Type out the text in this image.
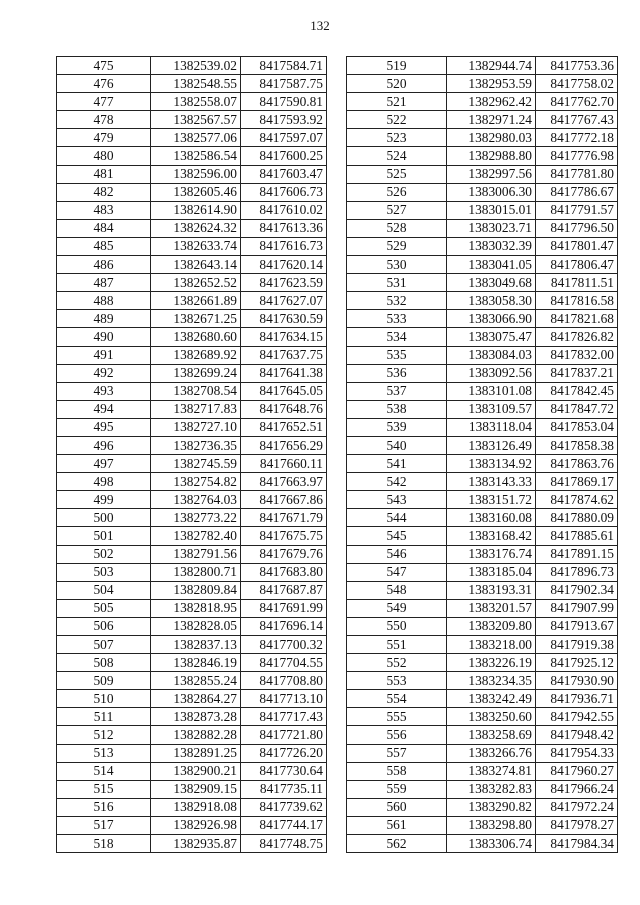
132
475	1382539.02	8417584.71
476	1382548.55	8417587.75
477	1382558.07	8417590.81
478	1382567.57	8417593.92
479	1382577.06	8417597.07
480	1382586.54	8417600.25
481	1382596.00	8417603.47
482	1382605.46	8417606.73
483	1382614.90	8417610.02
484	1382624.32	8417613.36
485	1382633.74	8417616.73
486	1382643.14	8417620.14
487	1382652.52	8417623.59
488	1382661.89	8417627.07
489	1382671.25	8417630.59
490	1382680.60	8417634.15
491	1382689.92	8417637.75
492	1382699.24	8417641.38
493	1382708.54	8417645.05
494	1382717.83	8417648.76
495	1382727.10	8417652.51
496	1382736.35	8417656.29
497	1382745.59	8417660.11
498	1382754.82	8417663.97
499	1382764.03	8417667.86
500	1382773.22	8417671.79
501	1382782.40	8417675.75
502	1382791.56	8417679.76
503	1382800.71	8417683.80
504	1382809.84	8417687.87
505	1382818.95	8417691.99
506	1382828.05	8417696.14
507	1382837.13	8417700.32
508	1382846.19	8417704.55
509	1382855.24	8417708.80
510	1382864.27	8417713.10
511	1382873.28	8417717.43
512	1382882.28	8417721.80
513	1382891.25	8417726.20
514	1382900.21	8417730.64
515	1382909.15	8417735.11
516	1382918.08	8417739.62
517	1382926.98	8417744.17
518	1382935.87	8417748.75
519	1382944.74	8417753.36
520	1382953.59	8417758.02
521	1382962.42	8417762.70
522	1382971.24	8417767.43
523	1382980.03	8417772.18
524	1382988.80	8417776.98
525	1382997.56	8417781.80
526	1383006.30	8417786.67
527	1383015.01	8417791.57
528	1383023.71	8417796.50
529	1383032.39	8417801.47
530	1383041.05	8417806.47
531	1383049.68	8417811.51
532	1383058.30	8417816.58
533	1383066.90	8417821.68
534	1383075.47	8417826.82
535	1383084.03	8417832.00
536	1383092.56	8417837.21
537	1383101.08	8417842.45
538	1383109.57	8417847.72
539	1383118.04	8417853.04
540	1383126.49	8417858.38
541	1383134.92	8417863.76
542	1383143.33	8417869.17
543	1383151.72	8417874.62
544	1383160.08	8417880.09
545	1383168.42	8417885.61
546	1383176.74	8417891.15
547	1383185.04	8417896.73
548	1383193.31	8417902.34
549	1383201.57	8417907.99
550	1383209.80	8417913.67
551	1383218.00	8417919.38
552	1383226.19	8417925.12
553	1383234.35	8417930.90
554	1383242.49	8417936.71
555	1383250.60	8417942.55
556	1383258.69	8417948.42
557	1383266.76	8417954.33
558	1383274.81	8417960.27
559	1383282.83	8417966.24
560	1383290.82	8417972.24
561	1383298.80	8417978.27
562	1383306.74	8417984.34
